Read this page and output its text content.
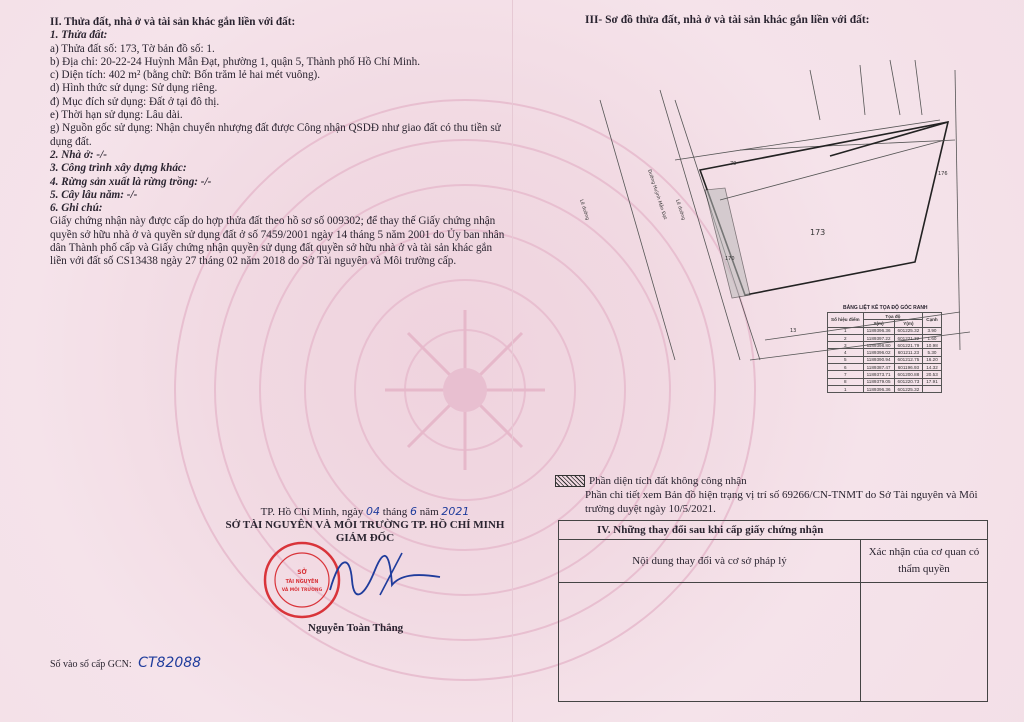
II. Thửa đất, nhà ở và tài sản khác gắn liền với đất:

1. Thửa đất:

a) Thửa đất số: 173, Tờ bản đồ số: 1.

b) Địa chỉ: 20-22-24 Huỳnh Mẫn Đạt, phường 1, quận 5, Thành phố Hồ Chí Minh.

c) Diện tích: 402 m² (bằng chữ: Bốn trăm lẻ hai mét vuông).

d) Hình thức sử dụng: Sử dụng riêng.

đ) Mục đích sử dụng: Đất ở tại đô thị.

e) Thời hạn sử dụng: Lâu dài.

g) Nguồn gốc sử dụng: Nhận chuyển nhượng đất được Công nhận QSDĐ như giao đất có thu tiền sử dụng đất.

2. Nhà ở: -/-

3. Công trình xây dựng khác:

4. Rừng sản xuất là rừng trồng: -/-

5. Cây lâu năm: -/-

6. Ghi chú:

Giấy chứng nhận này được cấp do hợp thửa đất theo hồ sơ số 009302; để thay thế Giấy chứng nhận quyền sở hữu nhà ở và quyền sử dụng đất ở số 7459/2001 ngày 14 tháng 5 năm 2001 do Ủy ban nhân dân Thành phố cấp và Giấy chứng nhận quyền sử dụng đất quyền sở hữu nhà ở và tài sản khác gắn liền với đất số CS13438 ngày 27 tháng 02 năm 2018 do Sở Tài nguyên và Môi trường cấp.

TP. Hồ Chí Minh, ngày 04 tháng 6 năm 2021
SỞ TÀI NGUYÊN VÀ MÔI TRƯỜNG TP. HỒ CHÍ MINH
GIÁM ĐỐC
SỞ
TÀI NGUYÊN
VÀ MÔI TRƯỜNG
Nguyễn Toàn Thắng
Số vào sổ cấp GCN: CT82088
III- Sơ đồ thửa đất, nhà ở và tài sản khác gắn liền với đất:
173
170
13
176
70
Lề đường	Lề đường
Đường Huỳnh Mẫn Đạt
BẢNG LIỆT KÊ TỌA ĐỘ GÓC RANH
Số hiệu điểm	Tọa độ		Cạnh
	X(m)	Y(m)	
1	1189396.36	601225.32	3.90
2	1189397.22	601221.32	1.60
3	1189398.80	601221.79	10.98
4	1189396.02	601211.23	5.30
5	1189390.94	601212.75	16.20
6	1189387.47	601196.93	14.32
7	1189373.71	601200.88	20.53
8	1189379.05	601220.73	17.91
1	1189396.36	601225.32	
Phần diện tích đất không công nhận
Phần chi tiết xem Bản đồ hiện trạng vị trí số 69266/CN-TNMT do Sở Tài nguyên và Môi trường duyệt ngày 10/5/2021.
IV. Những thay đổi sau khi cấp giấy chứng nhận
Nội dung thay đổi và cơ sở pháp lý
Xác nhận của cơ quan có thẩm quyền
